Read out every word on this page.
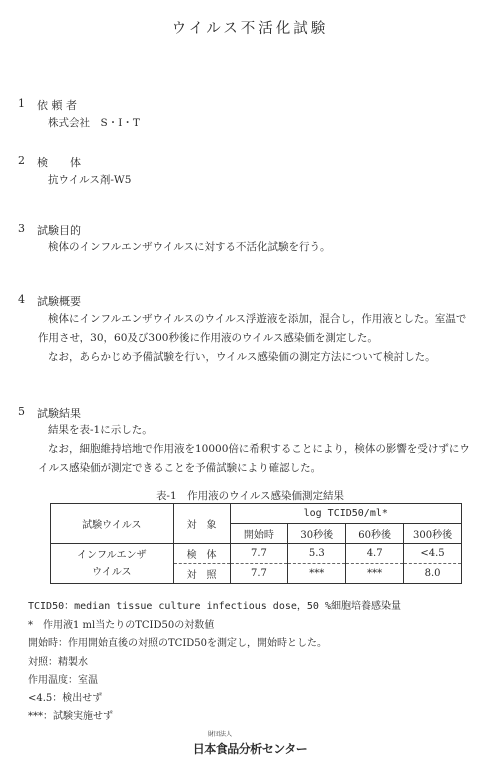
ウイルス不活化試験
1 依 頼 者
株式会社　S・I・T
2 検　　体
抗ウイルス剤-W5
3 試験目的
検体のインフルエンザウイルスに対する不活化試験を行う。
4 試験概要
検体にインフルエンザウイルスのウイルス浮遊液を添加，混合し，作用液とした。室温で
作用させ，30，60及び300秒後に作用液のウイルス感染価を測定した。
なお，あらかじめ予備試験を行い，ウイルス感染価の測定方法について検討した。
5 試験結果
結果を表-1に示した。
なお，細胞維持培地で作用液を10000倍に希釈することにより，検体の影響を受けずにウ
イルス感染価が測定できることを予備試験により確認した。
表-1　作用液のウイルス感染価測定結果
試験ウイルス	対　象	log TCID50/ml*			
		開始時	30秒後	60秒後	300秒後
インフルエンザ
ウイルス	検　体	7.7	5.3	4.7	<4.5
	対　照	7.7	***	***	8.0
TCID50：median tissue culture infectious dose，50 %細胞培養感染量
*　作用液1 ml当たりのTCID50の対数値
開始時：作用開始直後の対照のTCID50を測定し，開始時とした。
対照：精製水
作用温度：室温
<4.5：検出せず
***：試験実施せず
財団法人
日本食品分析センター
